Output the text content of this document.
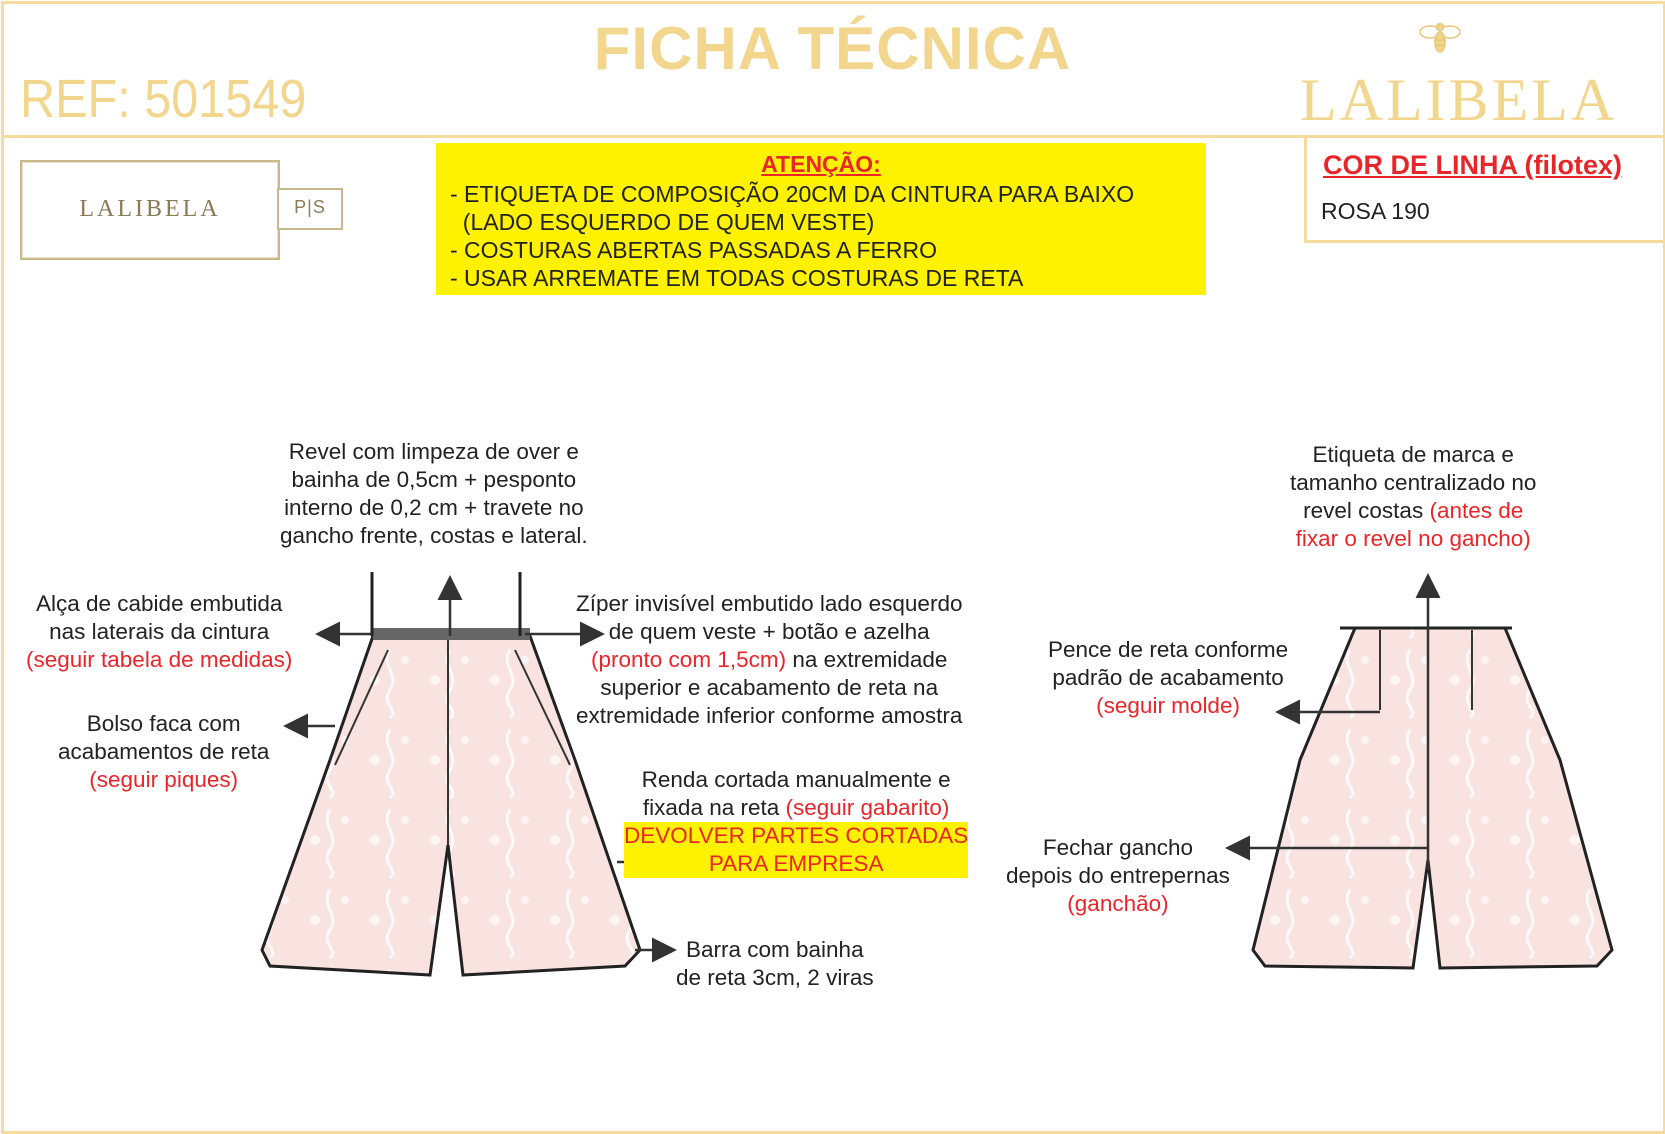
FICHA TÉCNICA
REF: 501549	LALIBELA
LALIBELA	P|S
ATENÇÃO:
- ETIQUETA DE COMPOSIÇÃO 20CM DA CINTURA PARA BAIXO
(LADO ESQUERDO DE QUEM VESTE)
- COSTURAS ABERTAS PASSADAS A FERRO
- USAR ARREMATE EM TODAS COSTURAS DE RETA
COR DE LINHA (filotex)
ROSA 190
Revel com limpeza de over e
bainha de 0,5cm + pesponto
interno de 0,2 cm + travete no
gancho frente, costas e lateral.
Alça de cabide embutida
nas laterais da cintura
(seguir tabela de medidas)
Zíper invisível embutido lado esquerdo
de quem veste + botão e azelha
(pronto com 1,5cm) na extremidade
superior e acabamento de reta na
extremidade inferior conforme amostra
Bolso faca com
acabamentos de reta
(seguir piques)	Renda cortada manualmente e
fixada na reta (seguir gabarito)
DEVOLVER PARTES CORTADAS
PARA EMPRESA
Barra com bainha
de reta 3cm, 2 viras
Etiqueta de marca e
tamanho centralizado no
revel costas (antes de
fixar o revel no gancho)
Pence de reta conforme
padrão de acabamento
(seguir molde)
Fechar gancho
depois do entrepernas
(ganchão)
